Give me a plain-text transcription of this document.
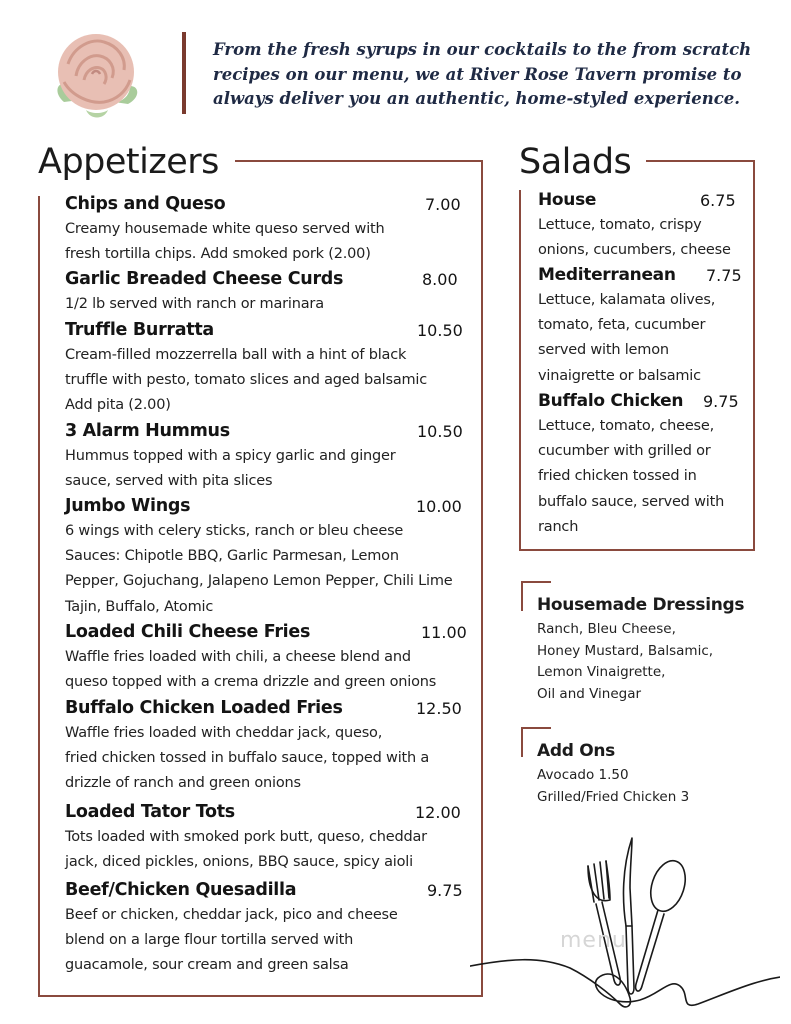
From the fresh syrups in our cocktails to the from scratch
recipes on our menu, we at River Rose Tavern promise to
always deliver you an authentic, home-styled experience.
Appetizers	Salads
Chips and Queso	7.00
Creamy housemade white queso served with
fresh tortilla chips. Add smoked pork (2.00)
Garlic Breaded Cheese Curds	8.00
1/2 lb served with ranch or marinara
Truffle Burratta	10.50
Cream-filled mozzerrella ball with a hint of black
truffle with pesto, tomato slices and aged balsamic
Add pita (2.00)
3 Alarm Hummus	10.50
Hummus topped with a spicy garlic and ginger
sauce, served with pita slices
Jumbo Wings	10.00
6 wings with celery sticks, ranch or bleu cheese
Sauces: Chipotle BBQ, Garlic Parmesan, Lemon
Pepper, Gojuchang, Jalapeno Lemon Pepper, Chili Lime
Tajin, Buffalo, Atomic
Loaded Chili Cheese Fries	11.00
Waffle fries loaded with chili, a cheese blend and
queso topped with a crema drizzle and green onions
Buffalo Chicken Loaded Fries	12.50
Waffle fries loaded with cheddar jack, queso,
fried chicken tossed in buffalo sauce, topped with a
drizzle of ranch and green onions
Loaded Tator Tots	12.00
Tots loaded with smoked pork butt, queso, cheddar
jack, diced pickles, onions, BBQ sauce, spicy aioli
Beef/Chicken Quesadilla	9.75
Beef or chicken, cheddar jack, pico and cheese
blend on a large flour tortilla served with
guacamole, sour cream and green salsa
House	6.75
Lettuce, tomato, crispy
onions, cucumbers, cheese
Mediterranean	7.75
Lettuce, kalamata olives,
tomato, feta, cucumber
served with lemon
vinaigrette or balsamic
Buffalo Chicken	9.75
Lettuce, tomato, cheese,
cucumber with grilled or
fried chicken tossed in
buffalo sauce, served with
ranch
Housemade Dressings
Ranch, Bleu Cheese,
Honey Mustard, Balsamic,
Lemon Vinaigrette,
Oil and Vinegar
Add Ons
Avocado 1.50
Grilled/Fried Chicken 3
menu
